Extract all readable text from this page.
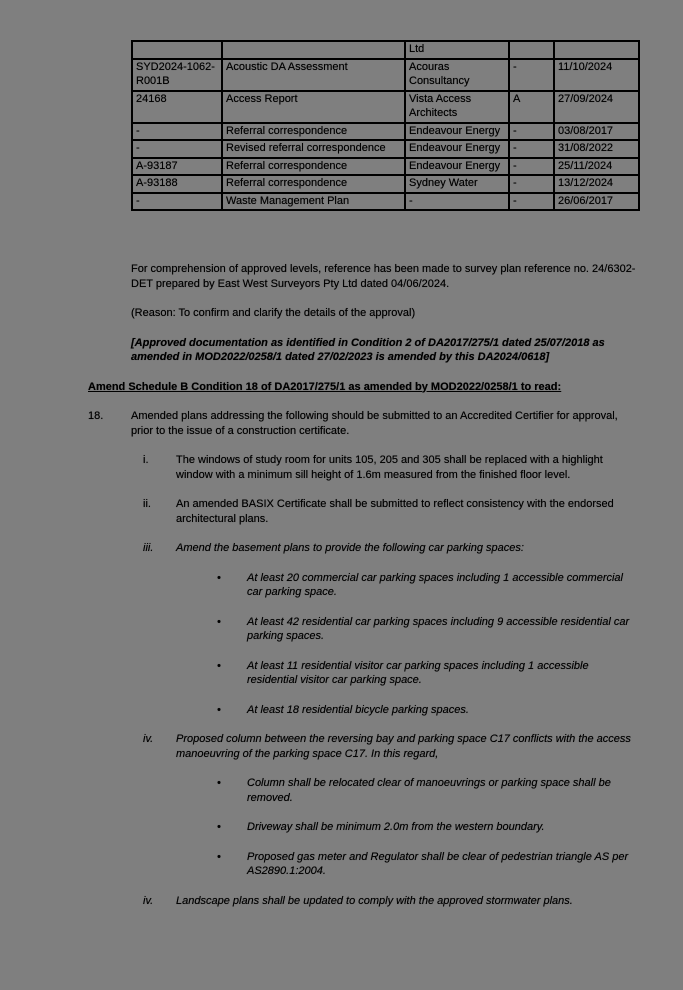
		Ltd		
SYD2024-1062-R001B	Acoustic DA Assessment	Acouras Consultancy	-	11/10/2024
24168	Access Report	Vista Access Architects	A	27/09/2024
-	Referral correspondence	Endeavour Energy	-	03/08/2017
-	Revised referral correspondence	Endeavour Energy	-	31/08/2022
A-93187	Referral correspondence	Endeavour Energy	-	25/11/2024
A-93188	Referral correspondence	Sydney Water	-	13/12/2024
-	Waste Management Plan	-	-	26/06/2017

For comprehension of approved levels, reference has been made to survey plan reference no. 24/6302-DET prepared by East West Surveyors Pty Ltd dated 04/06/2024.

(Reason: To confirm and clarify the details of the approval)

[Approved documentation as identified in Condition 2 of DA2017/275/1 dated 25/07/2018 as amended in MOD2022/0258/1 dated 27/02/2023 is amended by this DA2024/0618]

Amend Schedule B Condition 18 of DA2017/275/1 as amended by MOD2022/0258/1 to read:

18.	Amended plans addressing the following should be submitted to an Accredited Certifier for approval, prior to the issue of a construction certificate.
i.	The windows of study room for units 105, 205 and 305 shall be replaced with a highlight window with a minimum sill height of 1.6m measured from the finished floor level.
ii. An amended BASIX Certificate shall be submitted to reflect consistency with the endorsed architectural plans.
iii. Amend the basement plans to provide the following car parking spaces:
• At least 20 commercial car parking spaces including 1 accessible commercial car parking space.
• At least 42 residential car parking spaces including 9 accessible residential car parking spaces.
• At least 11 residential visitor car parking spaces including 1 accessible residential visitor car parking space.
• At least 18 residential bicycle parking spaces.
iv. Proposed column between the reversing bay and parking space C17 conflicts with the access manoeuvring of the parking space C17. In this regard,
• Column shall be relocated clear of manoeuvrings or parking space shall be removed.
• Driveway shall be minimum 2.0m from the western boundary.
• Proposed gas meter and Regulator shall be clear of pedestrian triangle AS per AS2890.1:2004.
iv. Landscape plans shall be updated to comply with the approved stormwater plans.
